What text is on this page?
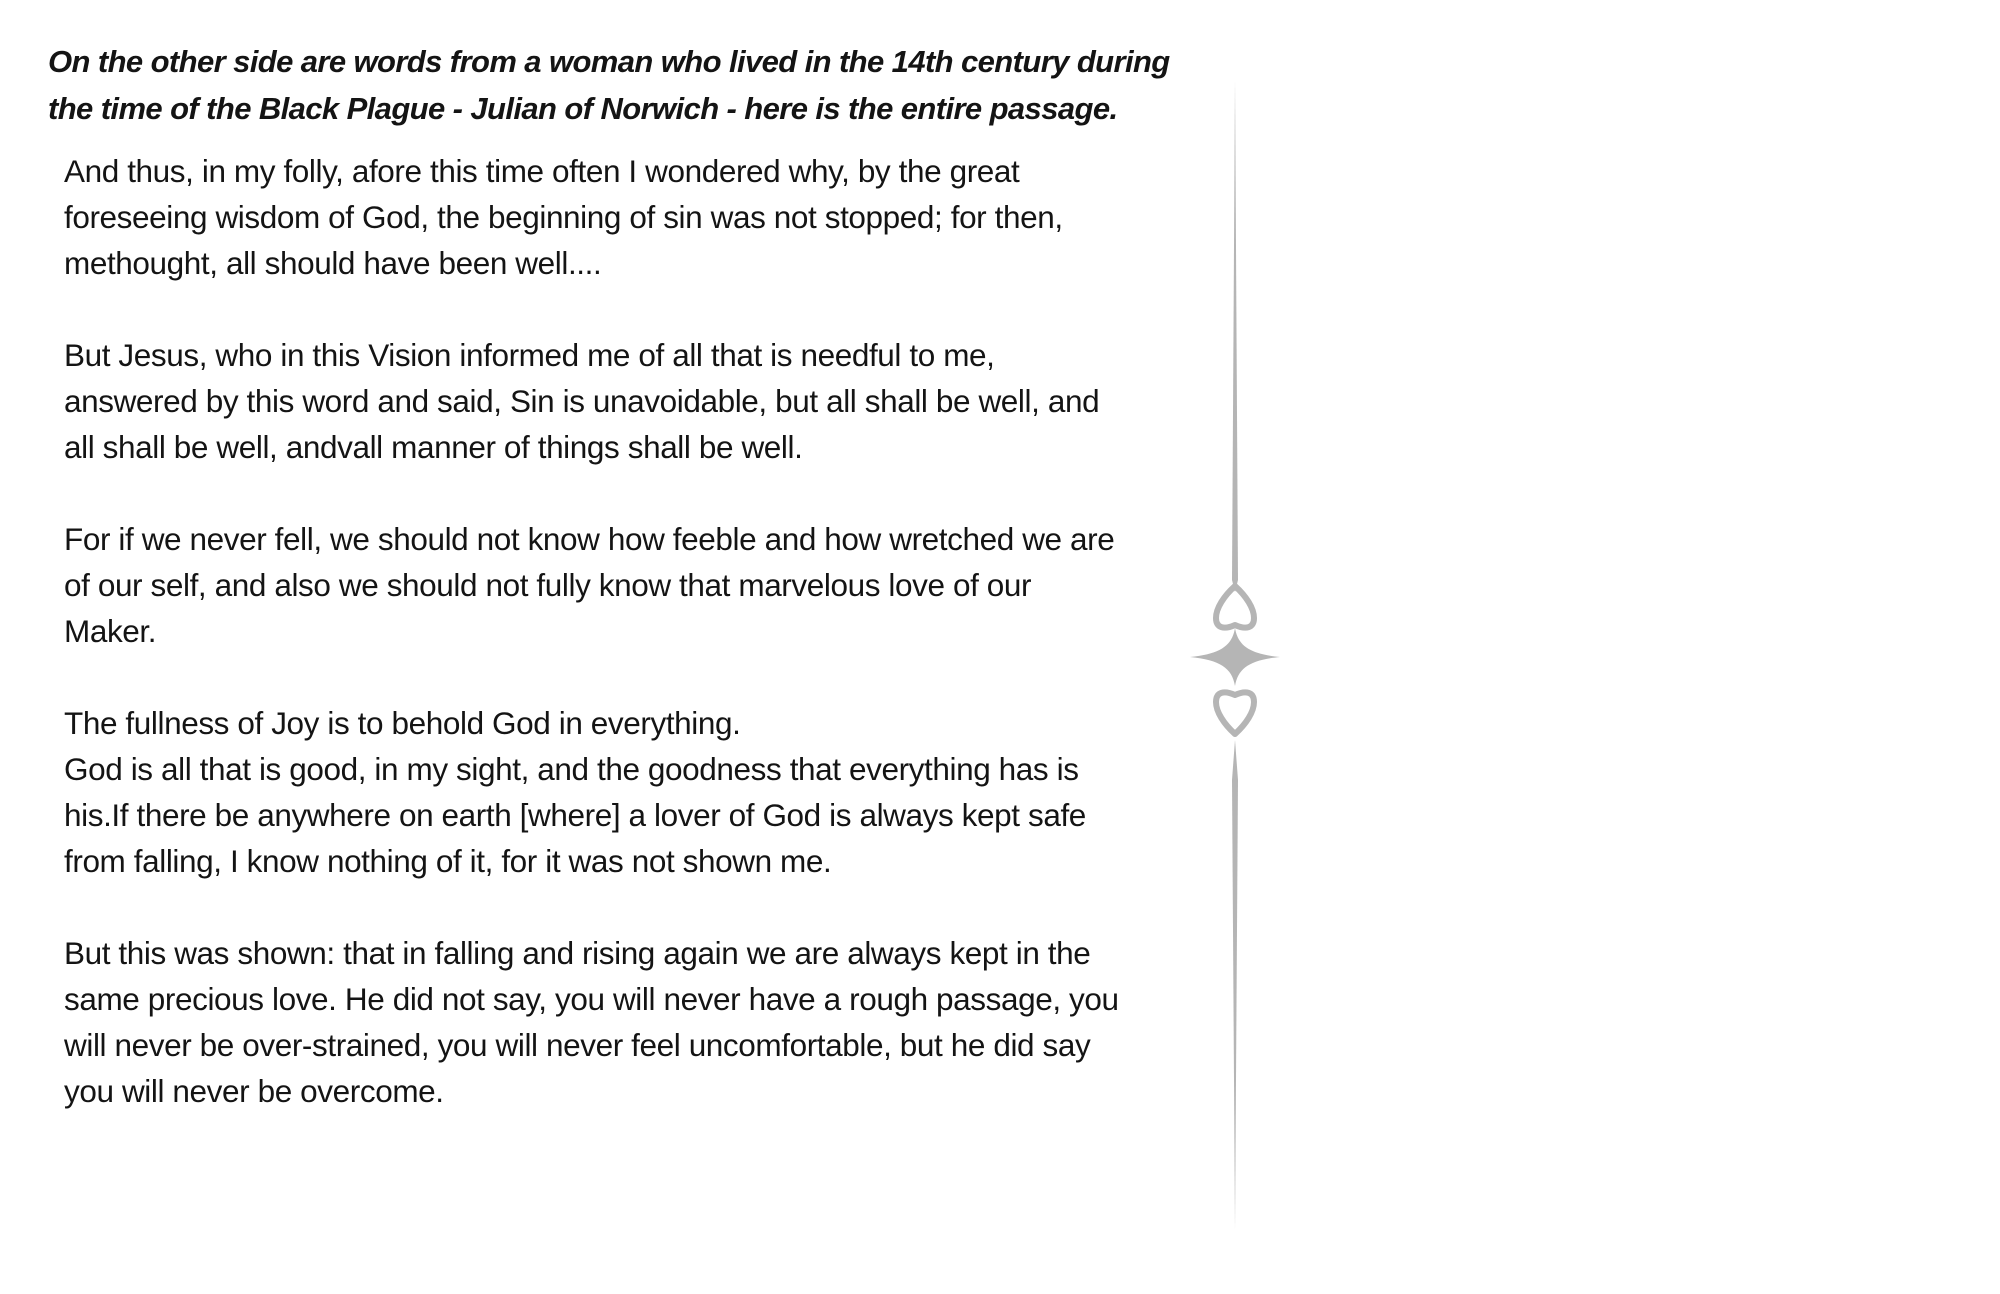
On the other side are words from a woman who lived in the 14th century during the time of the Black Plague - Julian of Norwich - here is the entire passage.

And thus, in my folly, afore this time often I wondered why, by the great
foreseeing wisdom of God, the beginning of sin was not stopped; for then,
methought, all should have been well....

But Jesus, who in this Vision informed me of all that is needful to me,
answered by this word and said, Sin is unavoidable, but all shall be well, and
all shall be well, andvall manner of things shall be well.

For if we never fell, we should not know how feeble and how wretched we are
of our self, and also we should not fully know that marvelous love of our
Maker.

The fullness of Joy is to behold God in everything.

God is all that is good, in my sight, and the goodness that everything has is
his.If there be anywhere on earth [where] a lover of God is always kept safe
from falling, I know nothing of it, for it was not shown me.

But this was shown: that in falling and rising again we are always kept in the
same precious love. He did not say, you will never have a rough passage, you
will never be over-strained, you will never feel uncomfortable, but he did say
you will never be overcome.
